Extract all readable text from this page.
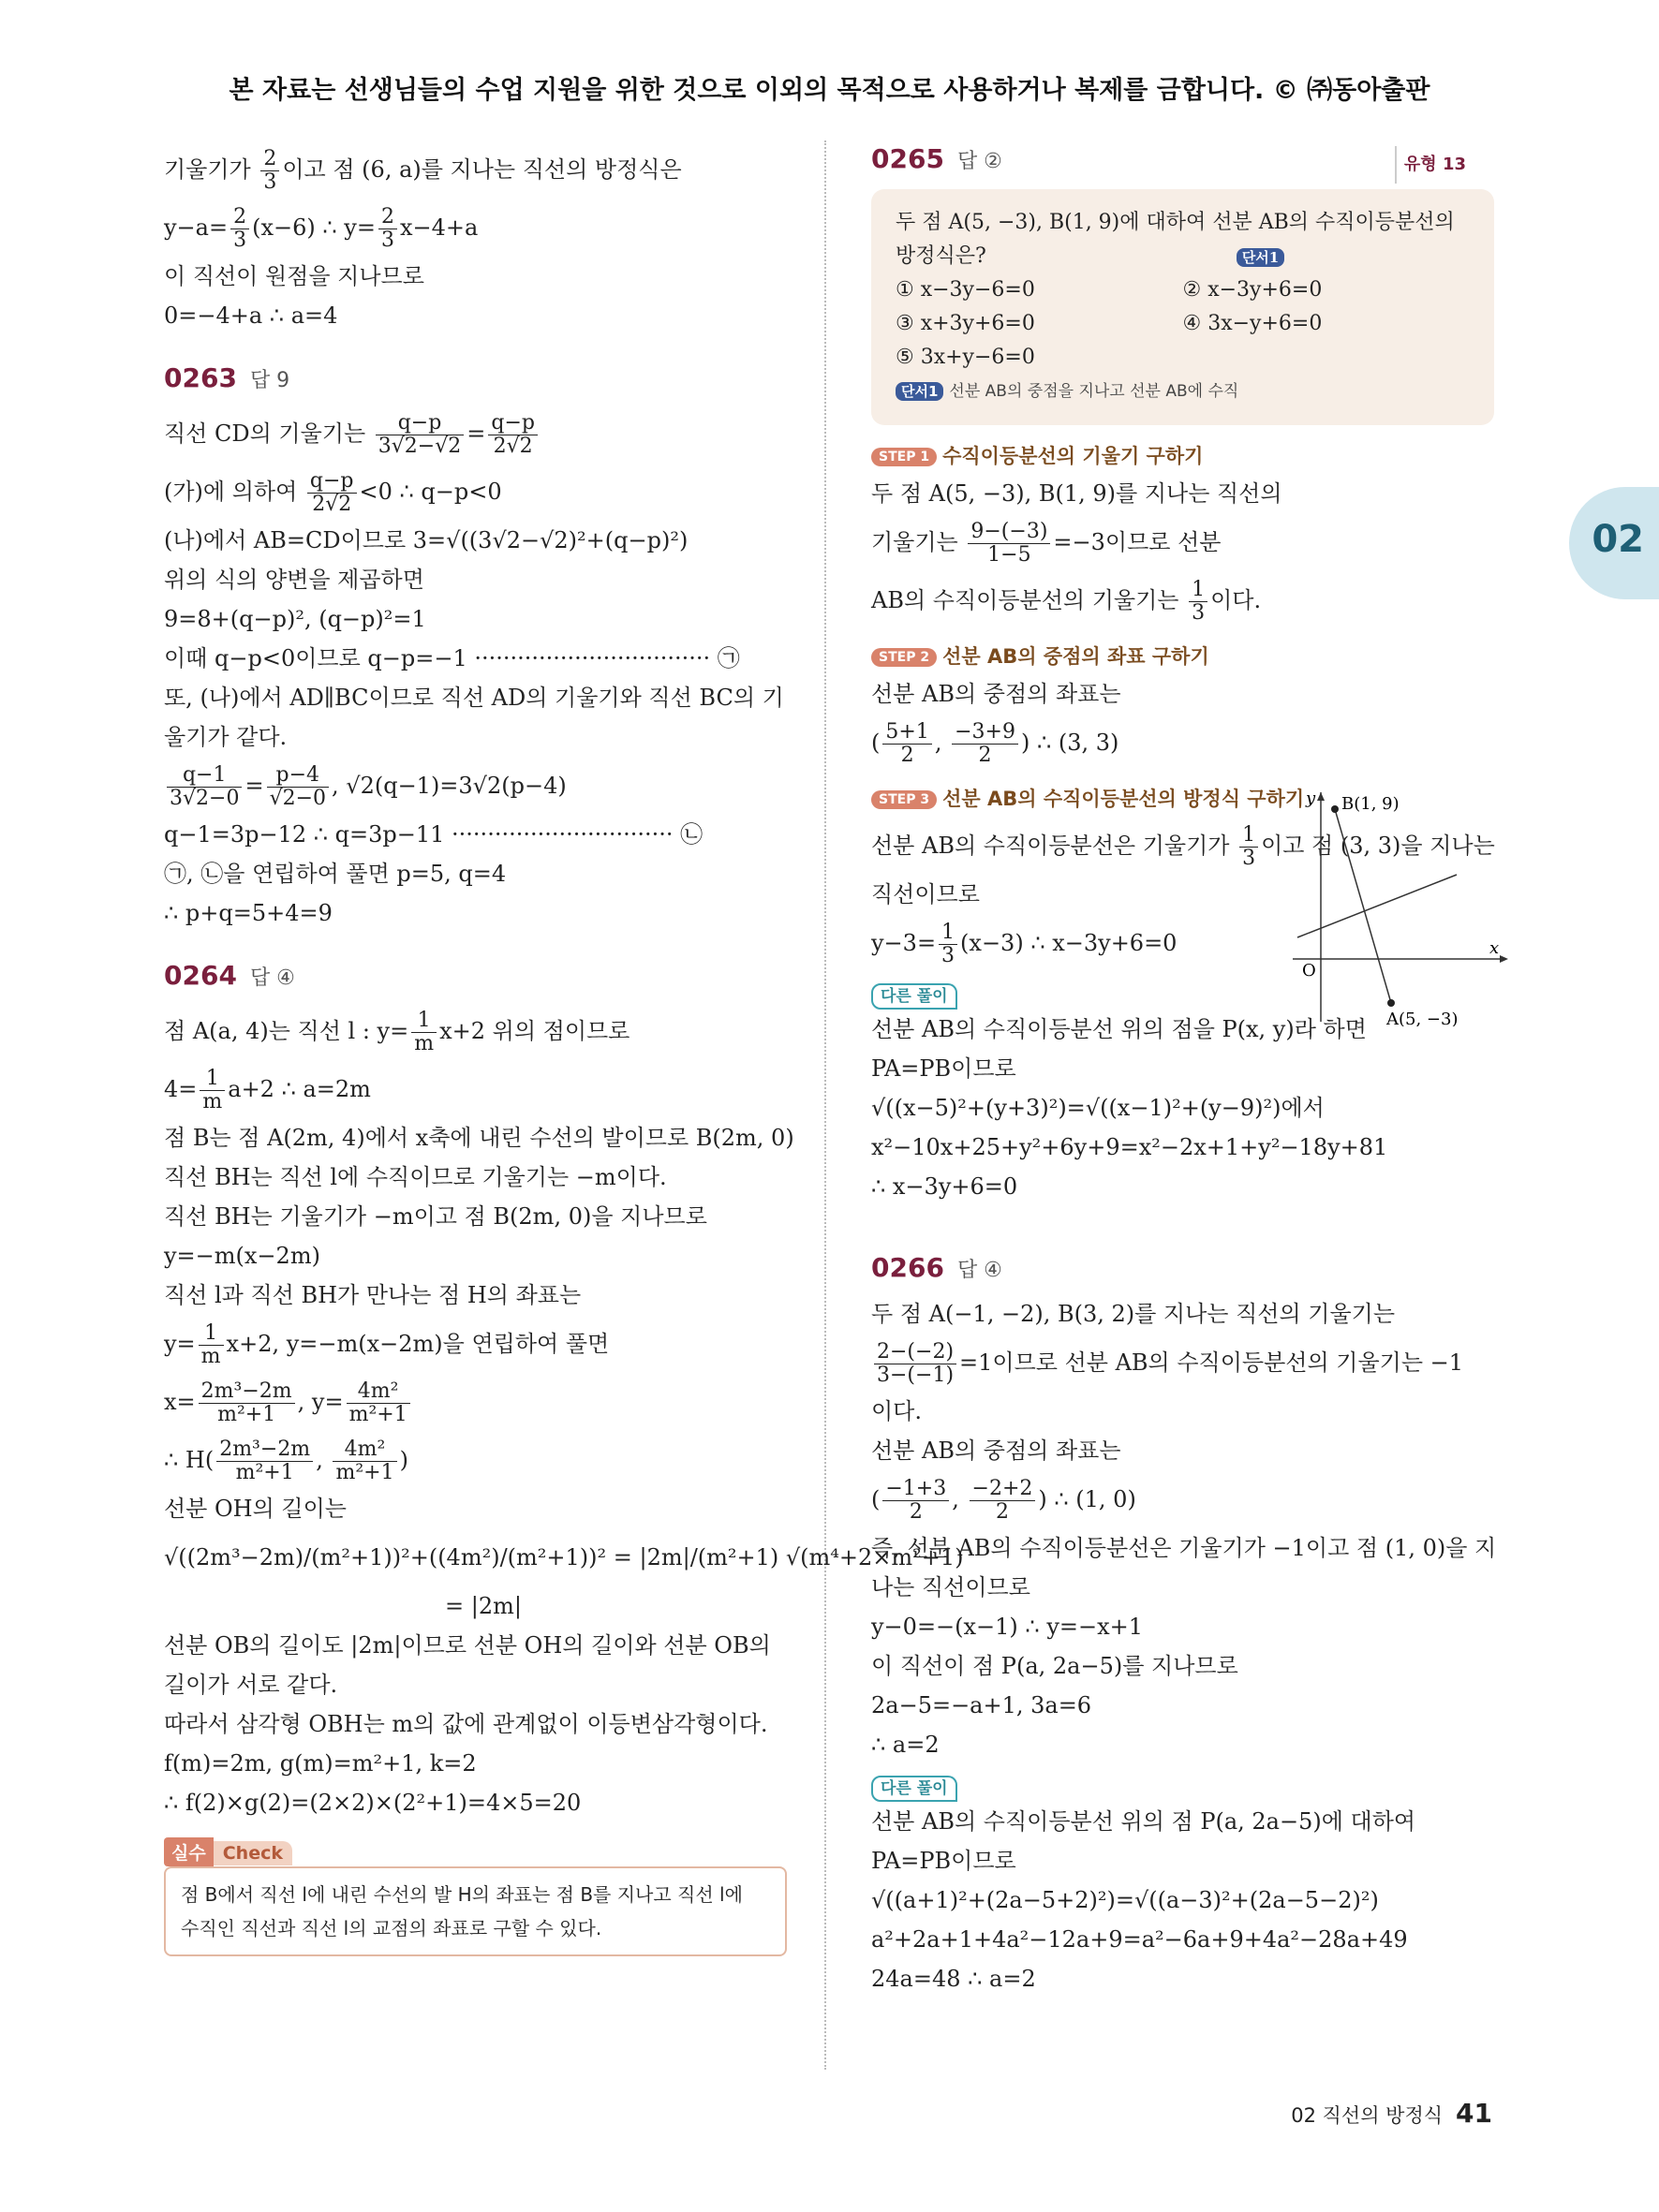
본 자료는 선생님들의 수업 지원을 위한 것으로 이외의 목적으로 사용하거나 복제를 금합니다. © ㈜동아출판
기울기가 $\frac{2}{3}$ 이고 점 (6, a)를 지나는 직선의 방정식은
$y-a= \frac{2}{3} (x-6)$ ∴ $y= \frac{2}{3} x-4+a$
이 직선이 원점을 지나므로
0=−4+a ∴ a=4
0263 답 9
직선 CD의 기울기는 $\frac{q-p}{3√2-√2} = \frac{q-p}{2√2}$
(가)에 의하여 $\frac{q-p}{2√2} <0$ ∴ q−p<0
(나)에서 AB=CD이므로 3=√((3√2−√2)²+(q−p)²)
위의 식의 양변을 제곱하면
9=8+(q−p)², (q−p)²=1
이때 q−p<0이므로 q−p=−1 ································· ㉠
또, (나)에서 AD∥BC이므로 직선 AD의 기울기와 직선 BC의 기
울기가 같다.
$\frac{q-1}{3√2-0} = \frac{p-4}{√2-0}$ , √2(q−1)=3√2(p−4)
q−1=3p−12 ∴ q=3p−11 ······························· ㉡
㉠, ㉡을 연립하여 풀면 p=5, q=4
∴ p+q=5+4=9
0264 답 ④
점 A(a, 4)는 직선 l : $y= \frac{1}{m} x+2$ 위의 점이므로
$4= \frac{1}{m} a+2$ ∴ a=2m
점 B는 점 A(2m, 4)에서 x축에 내린 수선의 발이므로 B(2m, 0)
직선 BH는 직선 l에 수직이므로 기울기는 −m이다.
직선 BH는 기울기가 −m이고 점 B(2m, 0)을 지나므로
y=−m(x−2m)
직선 l과 직선 BH가 만나는 점 H의 좌표는
$y= \frac{1}{m} x+2$, y=−m(x−2m)을 연립하여 풀면
$x= \frac{\text{2m³−2m}}{\text{m²+1}}$ , $y= \frac{\text{4m²}}{\text{m²+1}}$
∴ $H( \frac{\text{2m³−2m}}{\text{m²+1}}$ , $\frac{\text{4m²}}{\text{m²+1}}$ )
선분 OH의 길이는
√((2m³−2m)/(m²+1))²+((4m²)/(m²+1))² = |2m|/(m²+1) √(m⁴+2×m²+1)
= |2m|
선분 OB의 길이도 |2m|이므로 선분 OH의 길이와 선분 OB의
길이가 서로 같다.
따라서 삼각형 OBH는 m의 값에 관계없이 이등변삼각형이다.
f(m)=2m, g(m)=m²+1, k=2
∴ f(2)×g(2)=(2×2)×(2²+1)=4×5=20
실수 Check
점 B에서 직선 l에 내린 수선의 발 H의 좌표는 점 B를 지나고 직선 l에
수직인 직선과 직선 l의 교점의 좌표로 구할 수 있다.
0265 답 ②	유형 13
두 점 A(5, −3), B(1, 9)에 대하여 선분 AB의 수직이등분선의
방정식은?	단서1
① x−3y−6=0	② x−3y+6=0
③ x+3y+6=0	④ 3x−y+6=0
⑤ 3x+y−6=0
단서1 선분 AB의 중점을 지나고 선분 AB에 수직
STEP 1 수직이등분선의 기울기 구하기
두 점 A(5, −3), B(1, 9)를 지나는 직선의
기울기는 $\frac{9-(-3)}{1-5} =-3$이므로 선분
AB의 수직이등분선의 기울기는 $\frac{1}{3}$ 이다.
STEP 2 선분 AB의 중점의 좌표 구하기
선분 AB의 중점의 좌표는
( $\frac{5+1}{2}$ , $\frac{-3+9}{2}$ ) ∴ (3, 3)
STEP 3 선분 AB의 수직이등분선의 방정식 구하기
선분 AB의 수직이등분선은 기울기가 $\frac{1}{3}$ 이고 점 (3, 3)을 지나는
직선이므로
$y-3= \frac{1}{3} (x-3)$ ∴ x−3y+6=0
다른 풀이
선분 AB의 수직이등분선 위의 점을 P(x, y)라 하면
PA=PB이므로
√((x−5)²+(y+3)²)=√((x−1)²+(y−9)²)에서
x²−10x+25+y²+6y+9=x²−2x+1+y²−18y+81
∴ x−3y+6=0
y
x
O
B(1, 9)
A(5, −3)
0266 답 ④
두 점 A(−1, −2), B(3, 2)를 지나는 직선의 기울기는
$\frac{2-(-2)}{3-(-1)} =1$이므로 선분 AB의 수직이등분선의 기울기는 −1
이다.
선분 AB의 중점의 좌표는
( $\frac{-1+3}{2}$ , $\frac{-2+2}{2}$ ) ∴ (1, 0)
즉, 선분 AB의 수직이등분선은 기울기가 −1이고 점 (1, 0)을 지
나는 직선이므로
y−0=−(x−1) ∴ y=−x+1
이 직선이 점 P(a, 2a−5)를 지나므로
2a−5=−a+1, 3a=6
∴ a=2
다른 풀이
선분 AB의 수직이등분선 위의 점 P(a, 2a−5)에 대하여
PA=PB이므로
√((a+1)²+(2a−5+2)²)=√((a−3)²+(2a−5−2)²)
a²+2a+1+4a²−12a+9=a²−6a+9+4a²−28a+49
24a=48 ∴ a=2
02
02 직선의 방정식 41
